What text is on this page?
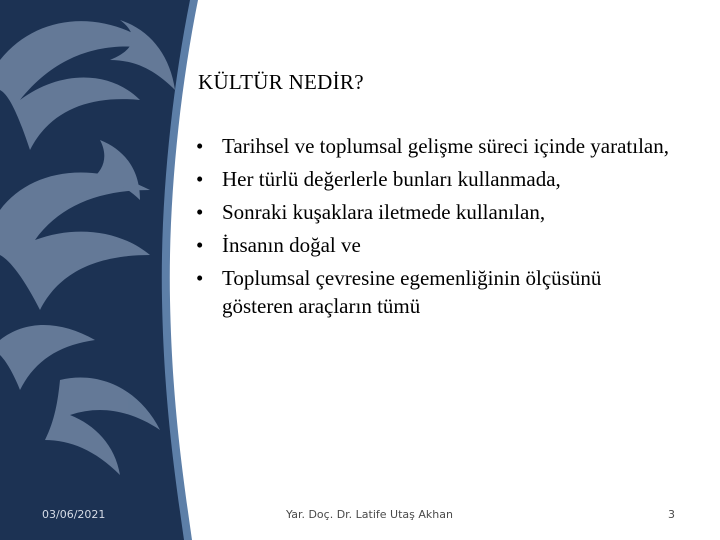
KÜLTÜR NEDİR?
• Tarihsel ve toplumsal gelişme süreci içinde yaratılan,
• Her türlü değerlerle bunları kullanmada,
• Sonraki kuşaklara iletmede kullanılan,
• İnsanın doğal ve
• Toplumsal çevresine egemenliğinin ölçüsünü gösteren araçların tümü
03/06/2021	Yar. Doç. Dr. Latife Utaş Akhan	3
